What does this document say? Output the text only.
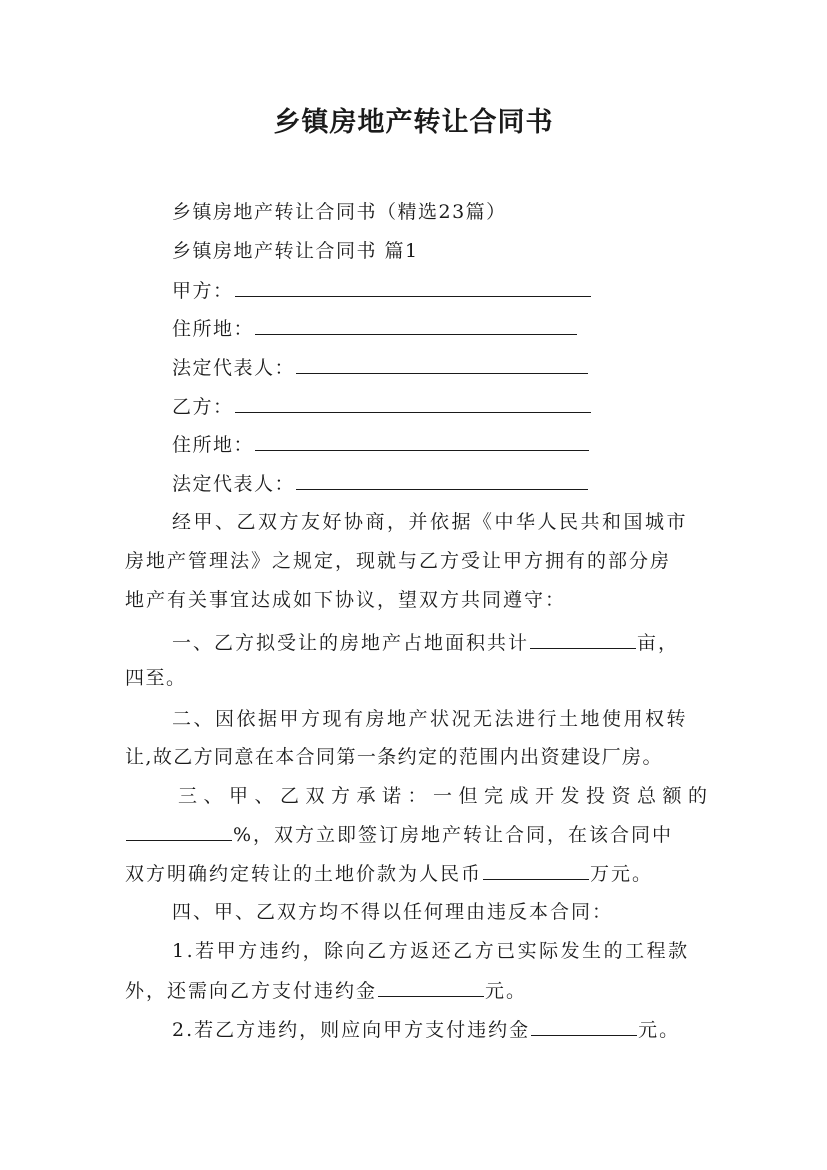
乡镇房地产转让合同书
乡镇房地产转让合同书（精选23篇）
乡镇房地产转让合同书 篇1
甲方：
住所地：
法定代表人：
乙方：
住所地：
法定代表人：
经甲、乙双方友好协商，并依据《中华人民共和国城市
房地产管理法》之规定，现就与乙方受让甲方拥有的部分房
地产有关事宜达成如下协议，望双方共同遵守：
一、乙方拟受让的房地产占地面积共计	亩，
四至。
二、因依据甲方现有房地产状况无法进行土地使用权转
让,故乙方同意在本合同第一条约定的范围内出资建设厂房。
三、甲、乙双方承诺：一但完成开发投资总额的
%，双方立即签订房地产转让合同，在该合同中
双方明确约定转让的土地价款为人民币	万元。
四、甲、乙双方均不得以任何理由违反本合同：
1.若甲方违约，除向乙方返还乙方已实际发生的工程款
外，还需向乙方支付违约金	元。
2.若乙方违约，则应向甲方支付违约金	元。
